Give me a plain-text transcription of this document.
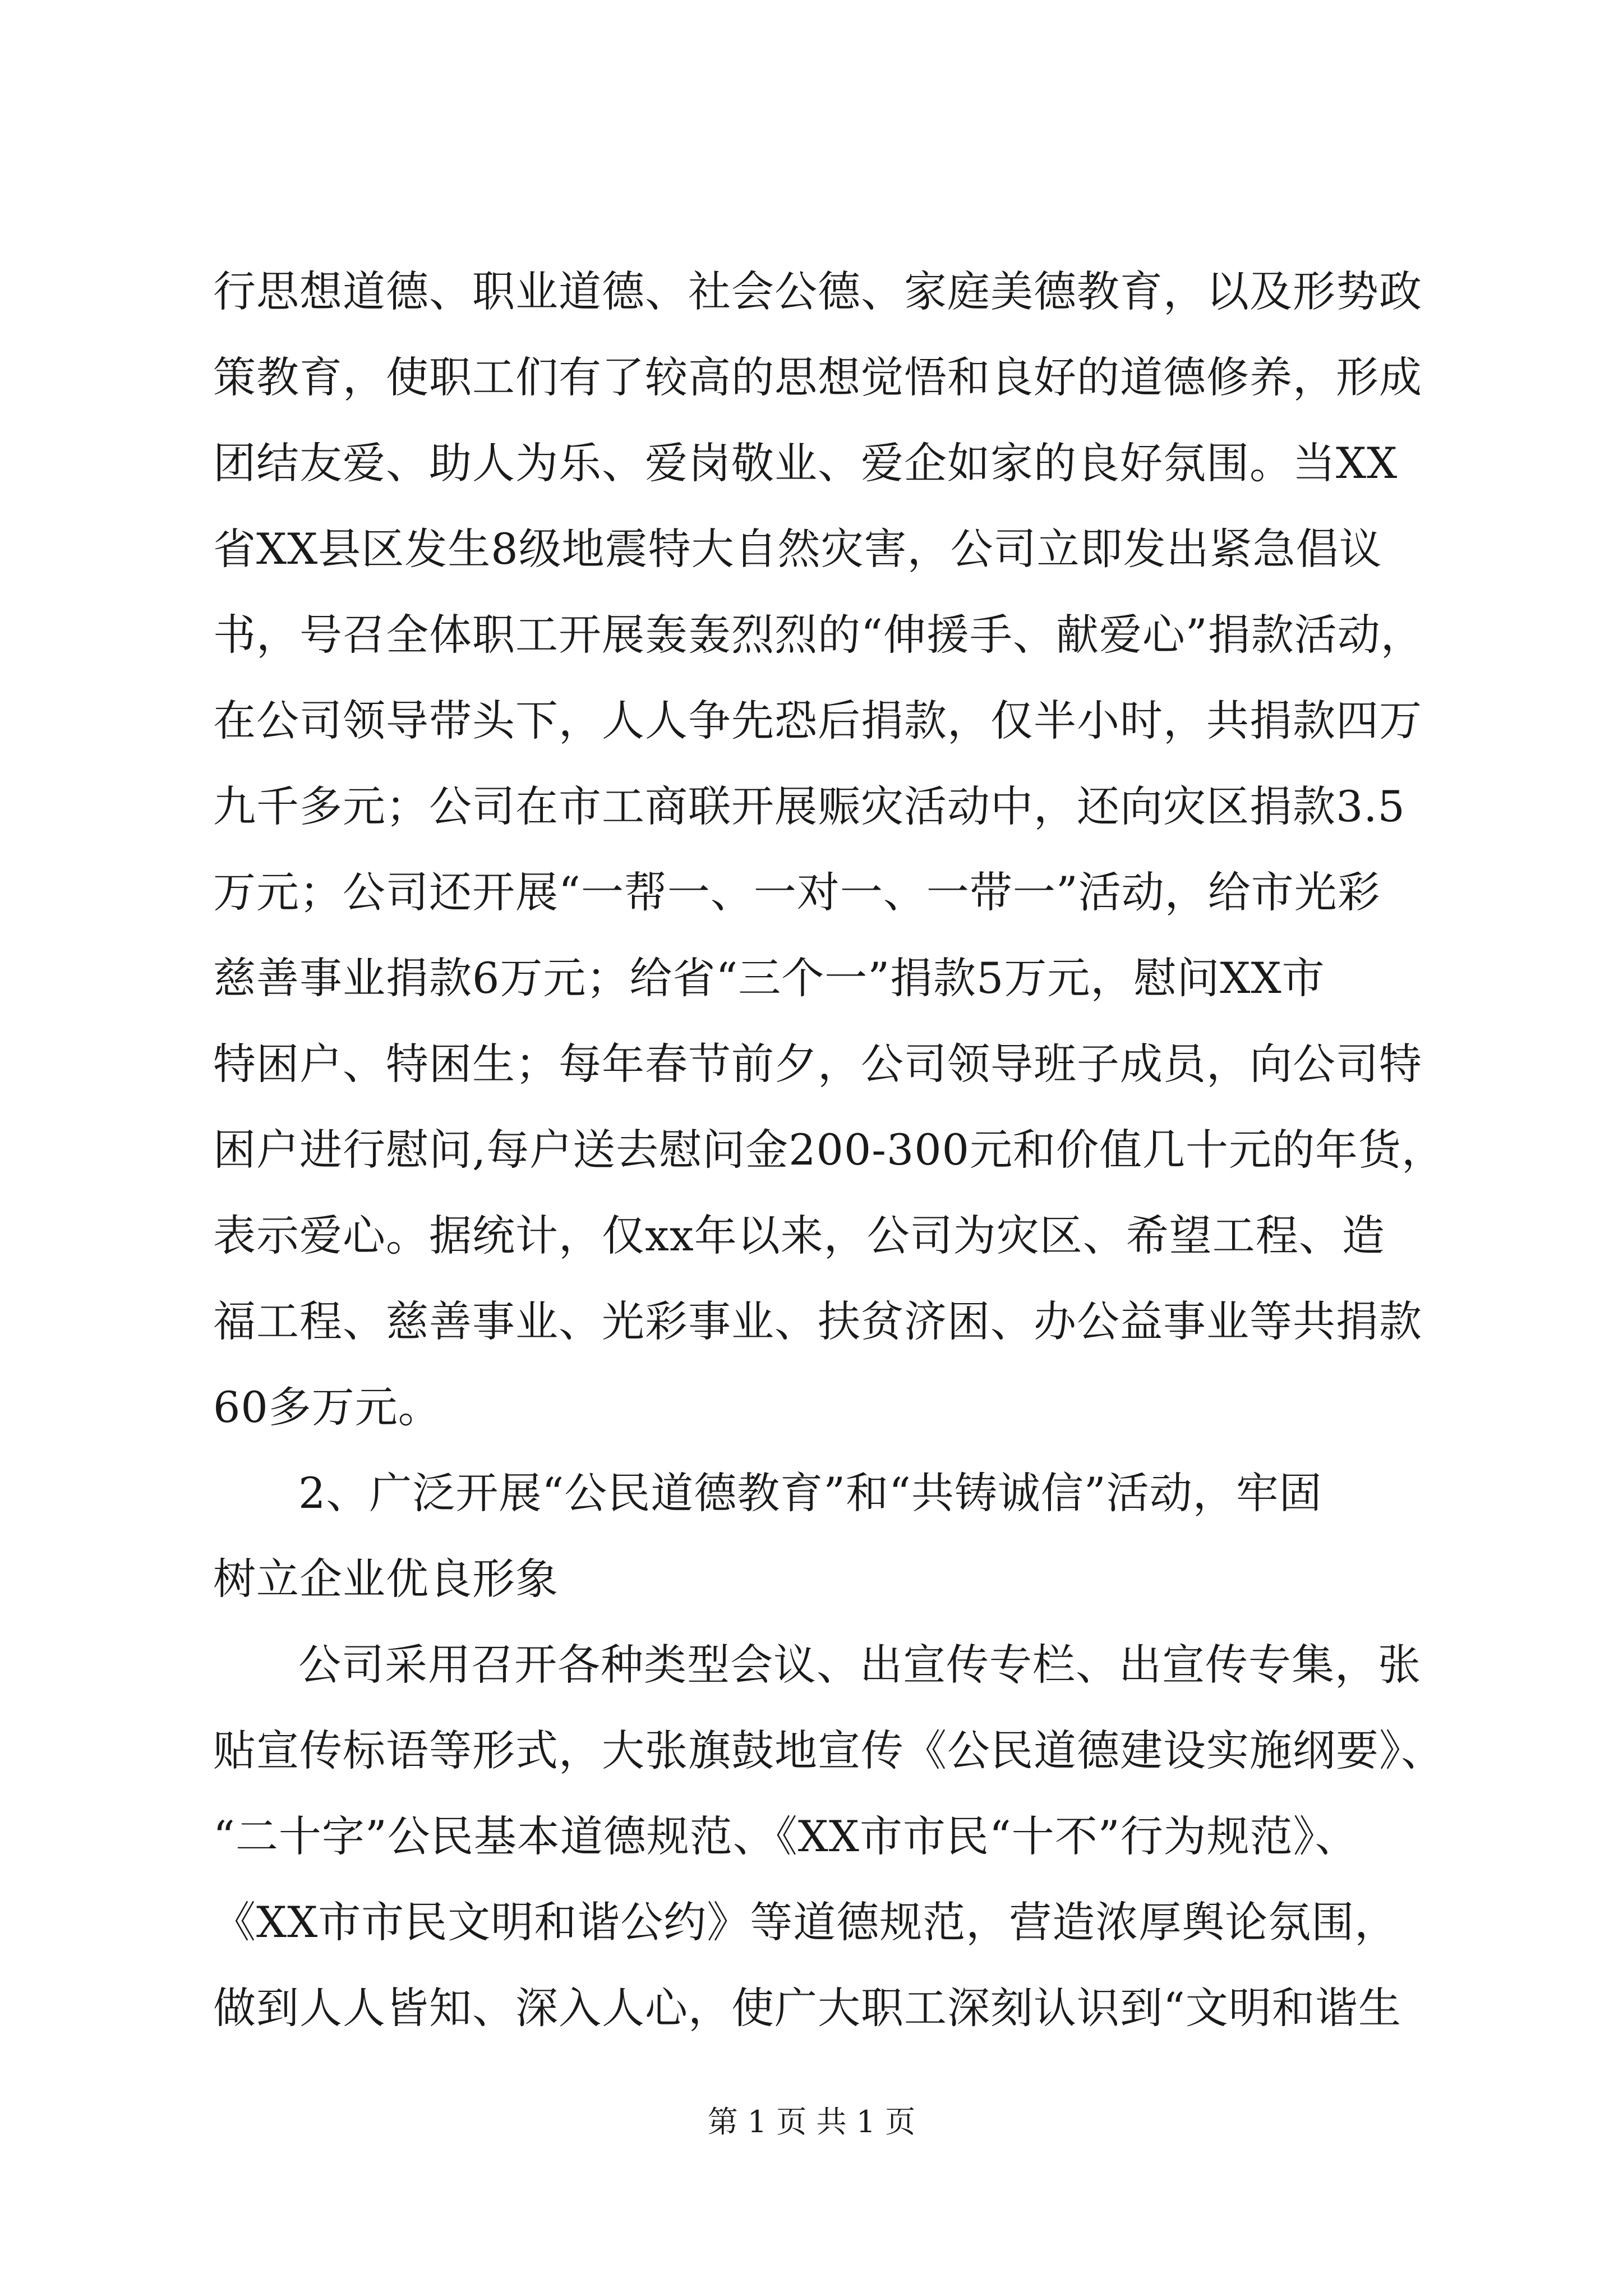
行思想道德、职业道德、社会公德、家庭美德教育，以及形势政
策教育，使职工们有了较高的思想觉悟和良好的道德修养，形成
团结友爱、助人为乐、爱岗敬业、爱企如家的良好氛围。当XX
省XX县区发生8级地震特大自然灾害，公司立即发出紧急倡议
书，号召全体职工开展轰轰烈烈的“伸援手、献爱心”捐款活动，
在公司领导带头下，人人争先恐后捐款，仅半小时，共捐款四万
九千多元；公司在市工商联开展赈灾活动中，还向灾区捐款3.5
万元；公司还开展“一帮一、一对一、一带一”活动，给市光彩
慈善事业捐款6万元；给省“三个一”捐款5万元，慰问XX市
特困户、特困生；每年春节前夕，公司领导班子成员，向公司特
困户进行慰问,每户送去慰问金200-300元和价值几十元的年货，
表示爱心。据统计，仅xx年以来，公司为灾区、希望工程、造
福工程、慈善事业、光彩事业、扶贫济困、办公益事业等共捐款
60多万元。
2、广泛开展“公民道德教育”和“共铸诚信”活动，牢固
树立企业优良形象
公司采用召开各种类型会议、出宣传专栏、出宣传专集，张
贴宣传标语等形式，大张旗鼓地宣传《公民道德建设实施纲要》、
“二十字”公民基本道德规范、《XX市市民“十不”行为规范》、
《XX市市民文明和谐公约》等道德规范，营造浓厚舆论氛围，
做到人人皆知、深入人心，使广大职工深刻认识到“文明和谐生
第 1 页 共 1 页
